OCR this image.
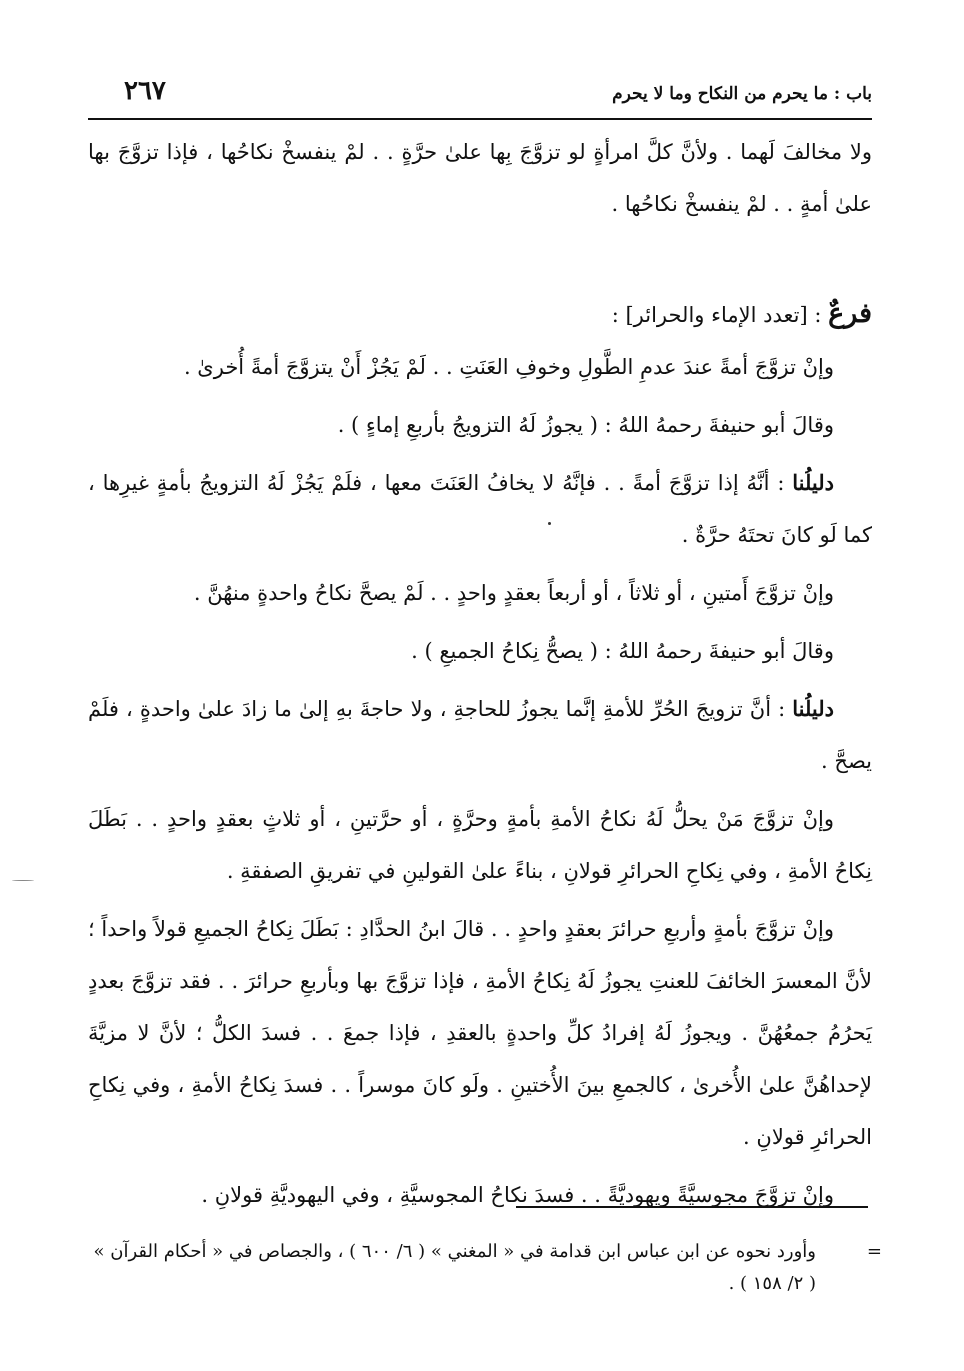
باب : ما يحرم من النكاح وما لا يحرم
٢٦٧

ولا مخالفَ لَهما . ولأنَّ كلَّ امرأةٍ لو تزوَّجَ بِها علىٰ حرَّةٍ . . لمْ ينفسخْ نكاحُها ، فإذا تزوَّجَ بها علىٰ أمةٍ . . لمْ ينفسخْ نكاحُها .

فرعٌ : [تعدد الإماء والحرائر] :

وإنْ تزوَّجَ أمةً عندَ عدمِ الطَّولِ وخوفِ العَنَتِ . . لَمْ يَجُزْ أَنْ يتزوَّجَ أمةً أُخرىٰ .

وقالَ أبو حنيفةَ رحمهُ اللهُ : ( يجوزُ لَهُ التزويجُ بأربعِ إماءٍ ) .

دليلُنا : أنَّهُ إذا تزوَّجَ أمةً . . فإنَّهُ لا يخافُ العَنَتَ معها ، فلَمْ يَجُزْ لَهُ التزويجُ بأمةٍ غيرِها ، كما لَو كانَ تحتَهُ حرَّةٌ .

وإنْ تزوَّجَ أَمتينِ ، أو ثلاثاً ، أو أربعاً بعقدٍ واحدٍ . . لَمْ يصحَّ نكاحُ واحدةٍ منهُنَّ .

وقالَ أبو حنيفةَ رحمهُ اللهُ : ( يصحُّ نِكاحُ الجميعِ ) .

دليلُنا : أنَّ تزويجَ الحُرِّ للأمةِ إنَّما يجوزُ للحاجةِ ، ولا حاجةَ بهِ إلىٰ ما زادَ علىٰ واحدةٍ ، فلَمْ يصحَّ .

وإنْ تزوَّجَ مَنْ يحلُّ لَهُ نكاحُ الأمةِ بأمةٍ وحرَّةٍ ، أو حرَّتينِ ، أو ثلاثٍ بعقدٍ واحدٍ . . بَطَلَ نِكاحُ الأمةِ ، وفي نِكاحِ الحرائرِ قولانِ ، بناءً علىٰ القولينِ في تفريقِ الصفقةِ .

وإنْ تزوَّجَ بأمةٍ وأربعِ حرائرَ بعقدٍ واحدٍ . . قالَ ابنُ الحدَّادِ : بَطَلَ نِكاحُ الجميعِ قولاً واحداً ؛ لأنَّ المعسرَ الخائفَ للعنتِ يجوزُ لَهُ نِكاحُ الأمةِ ، فإذا تزوَّجَ بها وبأربعِ حرائرَ . . فقد تزوَّجَ بعددٍ يَحرُمُ جمعُهُنَّ . ويجوزُ لَهُ إفرادُ كلِّ واحدةٍ بالعقدِ ، فإذا جمعَ . . فسدَ الكلُّ ؛ لأنَّ لا مزيَّةَ لإحداهُنَّ علىٰ الأُخرىٰ ، كالجمعِ بينَ الأُختينِ . ولَو كانَ موسراً . . فسدَ نِكاحُ الأمةِ ، وفي نِكاحِ الحرائرِ قولانِ .

وإنْ تزوَّجَ مجوسيَّةً ويهوديَّةً . . فسدَ نكاحُ المجوسيَّةِ ، وفي اليهوديَّةِ قولانِ .

=
وأورد نحوه عن ابن عباس ابن قدامة في « المغني » ( ٦/ ٦٠٠ ) ، والجصاص في « أحكام القرآن » ( ٢/ ١٥٨ ) .
